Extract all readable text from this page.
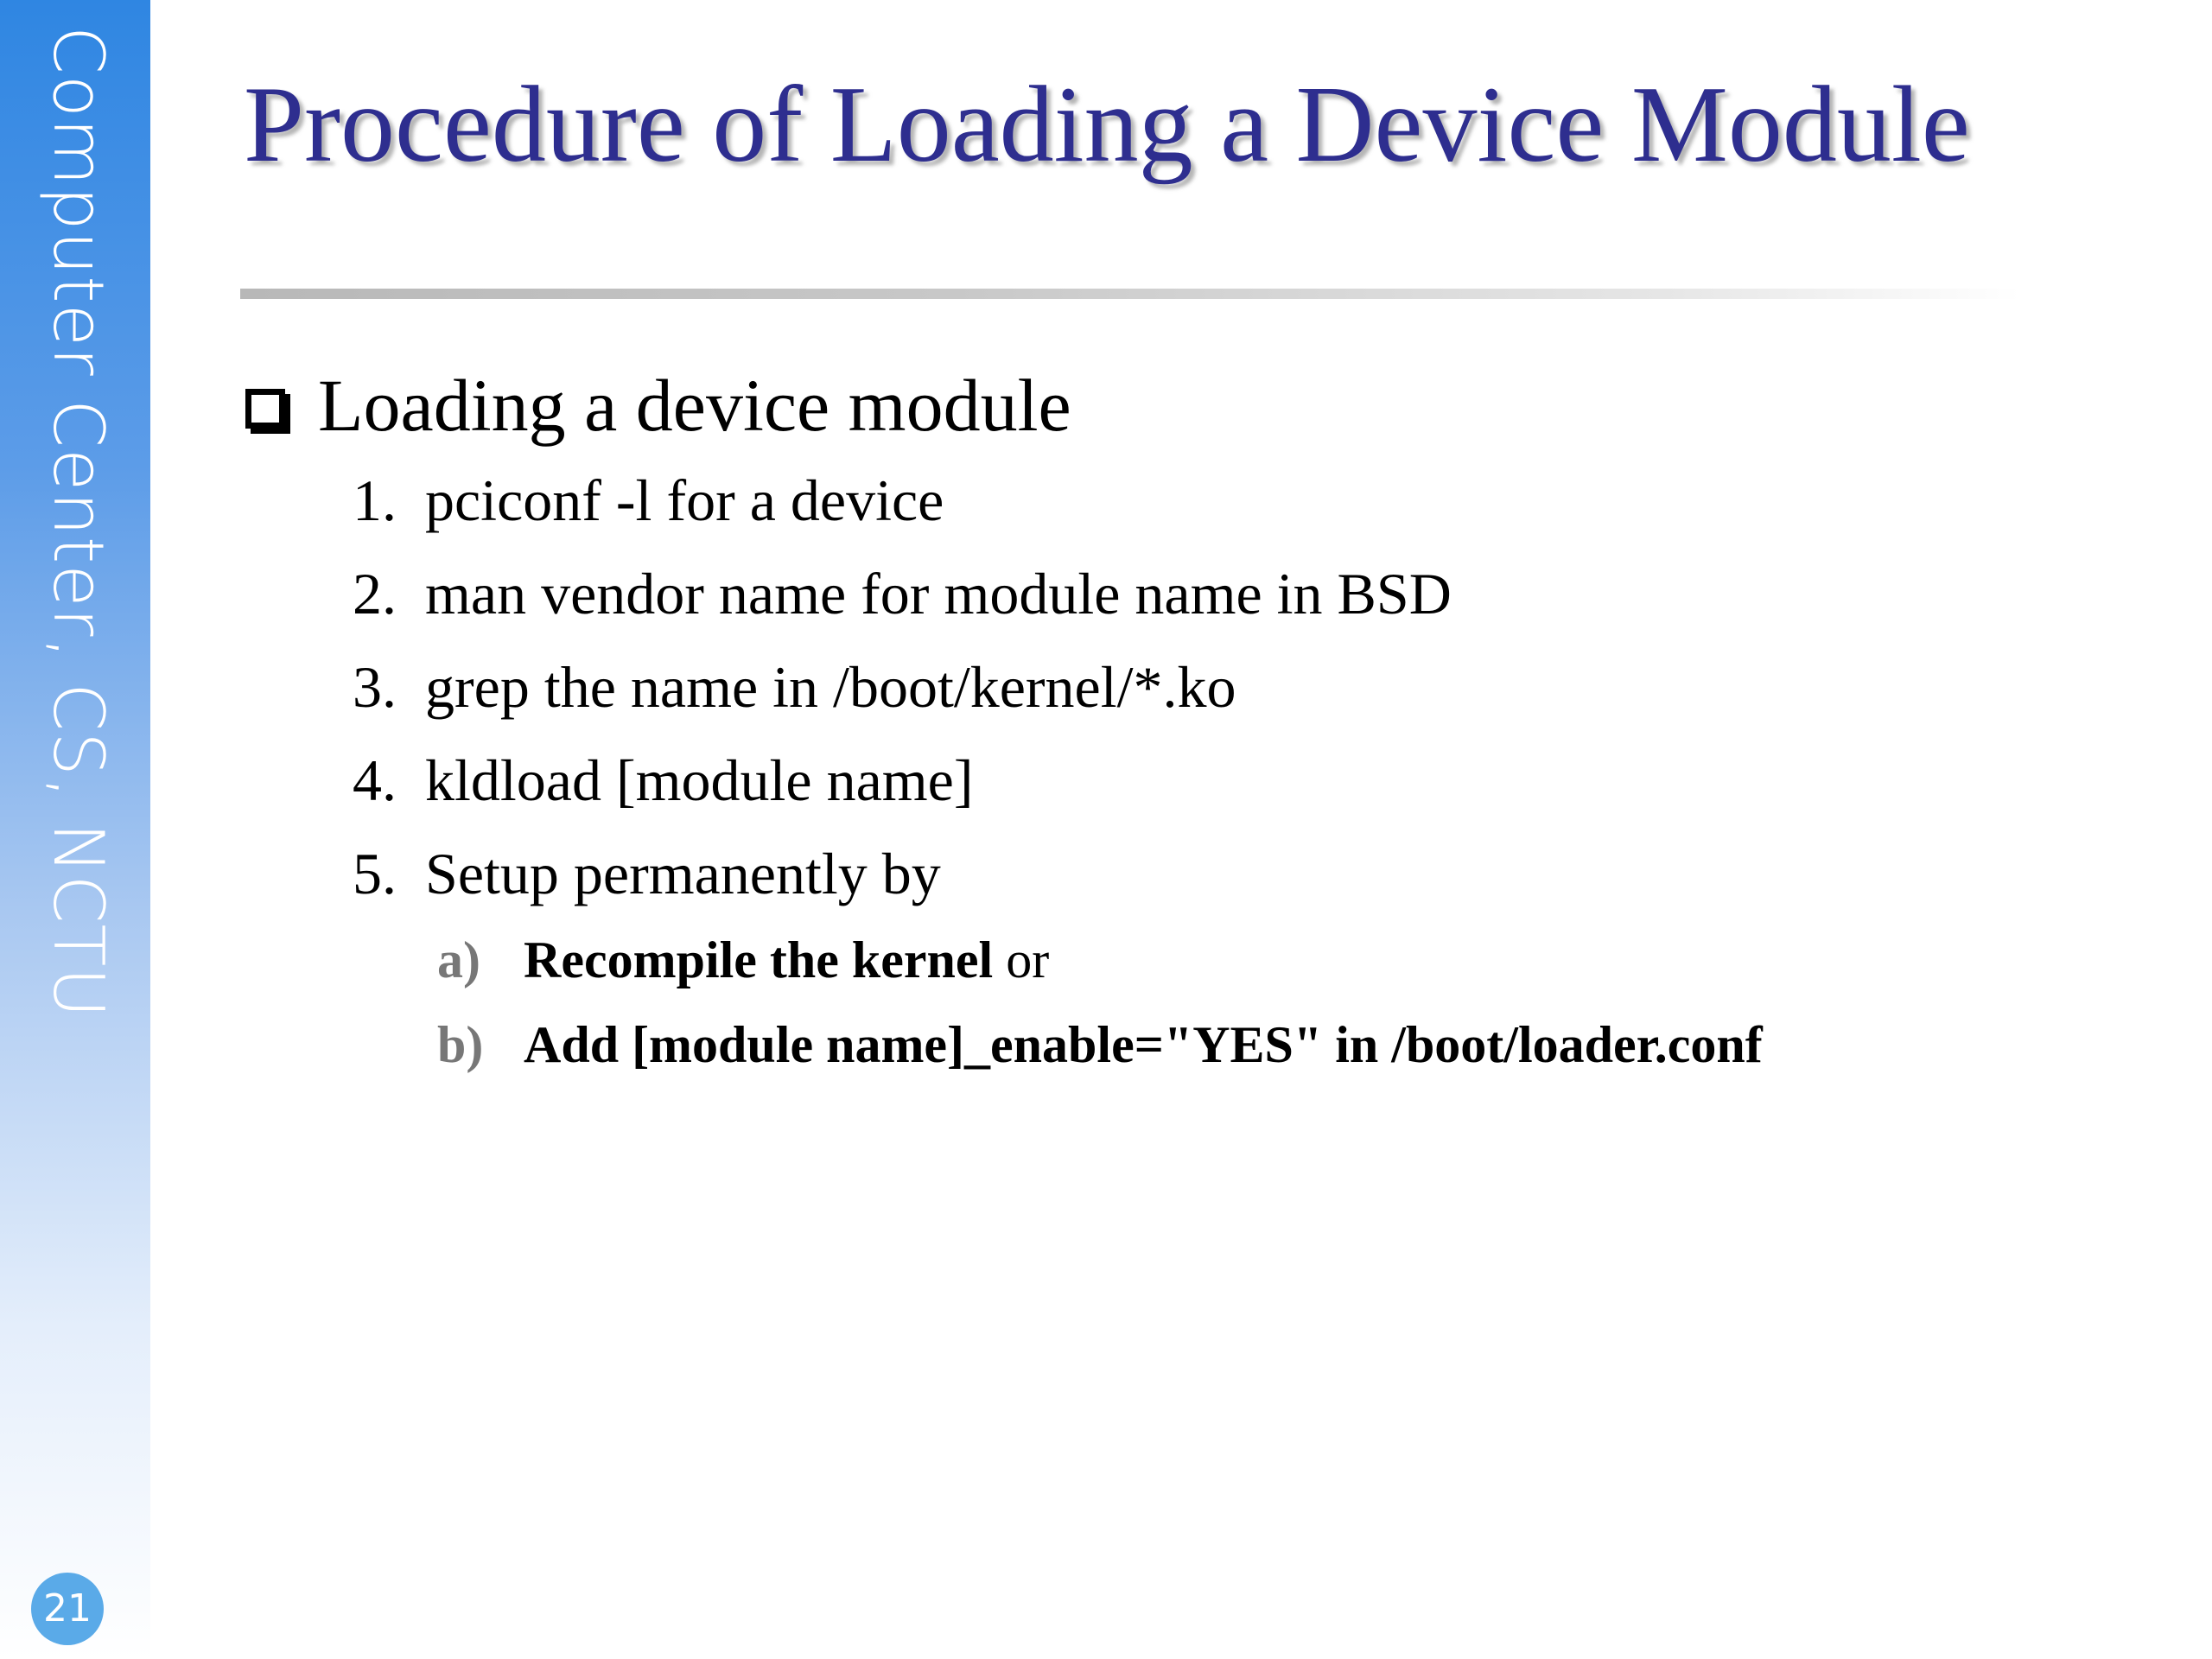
Computer Center, CS, NCTU
21
Procedure of Loading a Device Module
Loading a device module
1. pciconf -l for a device
2. man vendor name for module name in BSD
3. grep the name in /boot/kernel/*.ko
4. kldload [module name]
5. Setup permanently by
a) Recompile the kernel or
b) Add [module name]_enable="YES" in /boot/loader.conf
